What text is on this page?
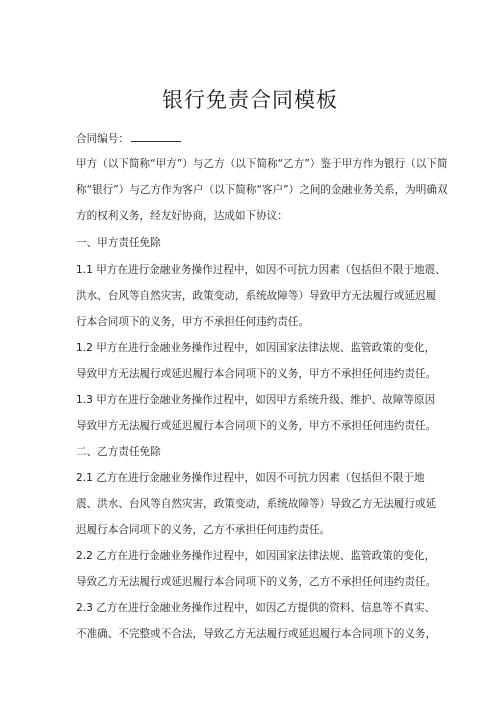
银行免责合同模板
合同编号：
甲方（以下简称“甲方”）与乙方（以下简称“乙方”）鉴于甲方作为银行（以下简
称“银行”）与乙方作为客户（以下简称“客户”）之间的金融业务关系，为明确双
方的权利义务，经友好协商，达成如下协议：
一、甲方责任免除
1.1 甲方在进行金融业务操作过程中，如因不可抗力因素（包括但不限于地震、
洪水、台风等自然灾害，政策变动，系统故障等）导致甲方无法履行或延迟履
行本合同项下的义务，甲方不承担任何违约责任。
1.2 甲方在进行金融业务操作过程中，如因国家法律法规、监管政策的变化，
导致甲方无法履行或延迟履行本合同项下的义务，甲方不承担任何违约责任。
1.3 甲方在进行金融业务操作过程中，如因甲方系统升级、维护、故障等原因
导致甲方无法履行或延迟履行本合同项下的义务，甲方不承担任何违约责任。
二、乙方责任免除
2.1 乙方在进行金融业务操作过程中，如因不可抗力因素（包括但不限于地
震、洪水、台风等自然灾害，政策变动，系统故障等）导致乙方无法履行或延
迟履行本合同项下的义务，乙方不承担任何违约责任。
2.2 乙方在进行金融业务操作过程中，如因国家法律法规、监管政策的变化，
导致乙方无法履行或延迟履行本合同项下的义务，乙方不承担任何违约责任。
2.3 乙方在进行金融业务操作过程中，如因乙方提供的资料、信息等不真实、
不准确、不完整或不合法，导致乙方无法履行或延迟履行本合同项下的义务，
